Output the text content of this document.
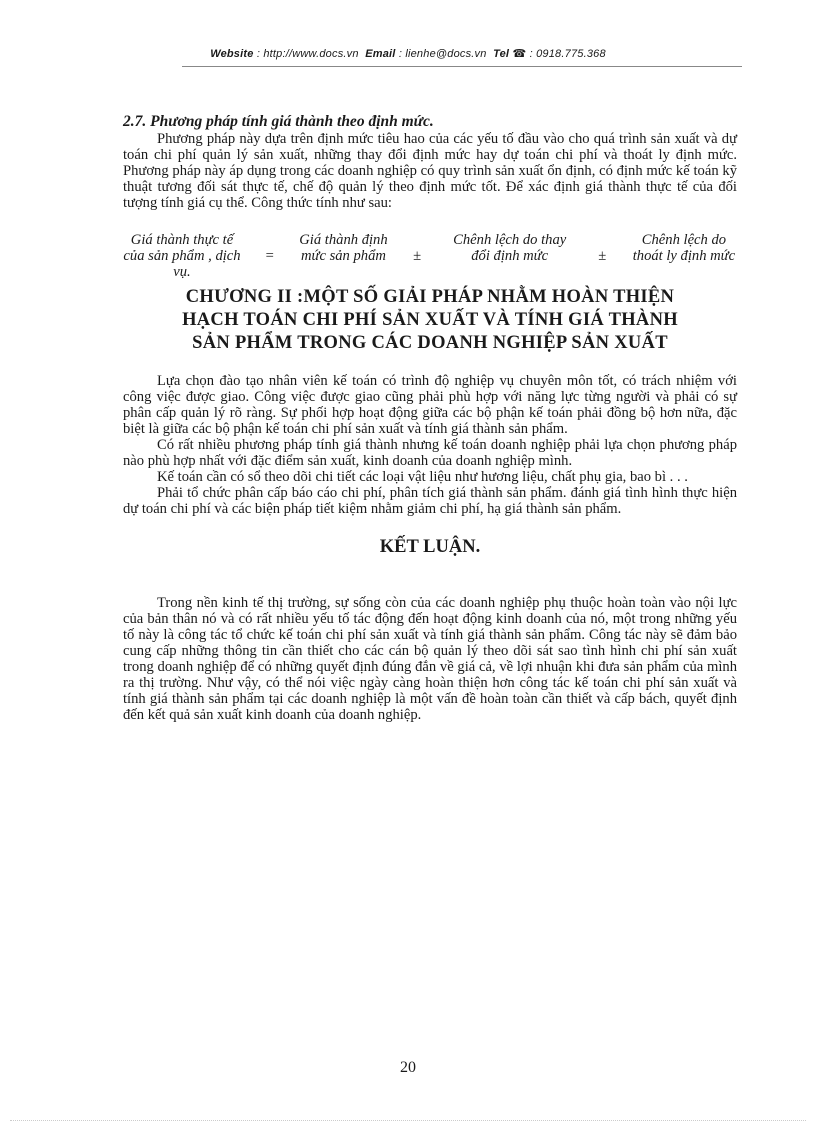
Website : http://www.docs.vn Email : lienhe@docs.vn Tel ☎ : 0918.775.368

2.7. Phương pháp tính giá thành theo định mức.

Phương pháp này dựa trên định mức tiêu hao của các yếu tố đầu vào cho quá trình sản xuất và dự toán chi phí quản lý sản xuất, những thay đổi định mức hay dự toán chi phí và thoát ly định mức. Phương pháp này áp dụng trong các doanh nghiệp có quy trình sản xuất ổn định, có định mức kế toán kỹ thuật tương đối sát thực tế, chế độ quản lý theo định mức tốt. Để xác định giá thành thực tế của đối tượng tính giá cụ thể. Công thức tính như sau:

Giá thành thực tế của sản phẩm , dịch vụ.
=
Giá thành định mức sản phẩm ±
Chênh lệch do thay đổi định mức	±
Chênh lệch do thoát ly định mức
CHƯƠNG II :MỘT SỐ GIẢI PHÁP NHẰM HOÀN THIỆN
HẠCH TOÁN CHI PHÍ SẢN XUẤT VÀ TÍNH GIÁ THÀNH
SẢN PHẨM TRONG CÁC DOANH NGHIỆP SẢN XUẤT

Lựa chọn đào tạo nhân viên kế toán có trình độ nghiệp vụ chuyên môn tốt, có trách nhiệm với công việc được giao. Công việc được giao cũng phải phù hợp với năng lực từng người và phải có sự phân cấp quản lý rõ ràng. Sự phối hợp hoạt động giữa các bộ phận kế toán phải đồng bộ hơn nữa, đặc biệt là giữa các bộ phận kế toán chi phí sản xuất và tính giá thành sản phẩm.

Có rất nhiều phương pháp tính giá thành nhưng kế toán doanh nghiệp phải lựa chọn phương pháp nào phù hợp nhất với đặc điểm sản xuất, kinh doanh của doanh nghiệp mình.

Kế toán cần có sổ theo dõi chi tiết các loại vật liệu như hương liệu, chất phụ gia, bao bì . . .

Phải tổ chức phân cấp báo cáo chi phí, phân tích giá thành sản phẩm. đánh giá tình hình thực hiện dự toán chi phí và các biện pháp tiết kiệm nhằm giảm chi phí, hạ giá thành sản phẩm.

KẾT LUẬN.

Trong nền kinh tế thị trường, sự sống còn của các doanh nghiệp phụ thuộc hoàn toàn vào nội lực của bản thân nó và có rất nhiều yếu tố tác động đến hoạt động kinh doanh của nó, một trong những yếu tố này là công tác tổ chức kế toán chi phí sản xuất và tính giá thành sản phẩm. Công tác này sẽ đảm bảo cung cấp những thông tin cần thiết cho các cán bộ quản lý theo dõi sát sao tình hình chi phí sản xuất trong doanh nghiệp để có những quyết định đúng đắn về giá cả, về lợi nhuận khi đưa sản phẩm của mình ra thị trường. Như vậy, có thể nói việc ngày càng hoàn thiện hơn công tác kế toán chi phí sản xuất và tính giá thành sản phẩm tại các doanh nghiệp là một vấn đề hoàn toàn cần thiết và cấp bách, quyết định đến kết quả sản xuất kinh doanh của doanh nghiệp.

20
